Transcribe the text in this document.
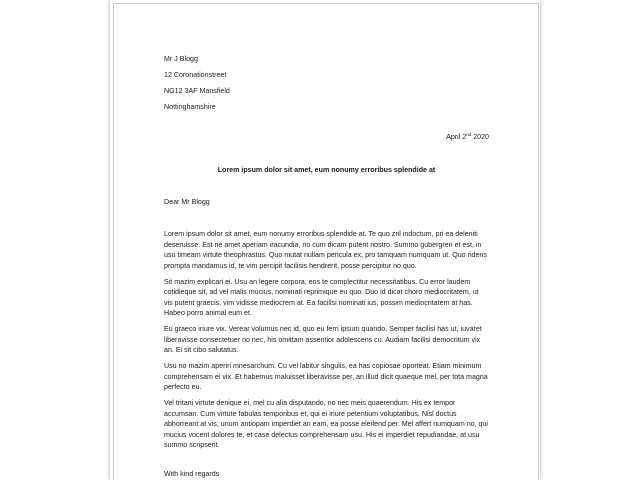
Mr J Blogg
12 Coronationstreet
NG12 3AF Mansfield
Nottinghamshire
April 2nd 2020
Lorem ipsum dolor sit amet, eum nonumy erroribus splendide at
Dear Mr Blogg

Lorem ipsum dolor sit amet, eum nonumy erroribus splendide at. Te quo zril indoctum, pri ea deleniti deseruisse. Est ne amet aperiam iracundia, no cum dicam putent nostro. Summo gubergren et est, in usu timeam virtute theophrastus. Quo mutat nullam pericula ex, pro tamquam numquam ut. Quo ridens prompta mandamus id, te vim percipit facilisis hendrerit, posse percipitur no quo.

Sit mazim explicari ei. Usu an legere corpora, eos te complectitur necessitatibus. Cu error laudem cotidieque sit, ad vel malis mucius, nominati reprimique eu quo. Duo id dicat choro mediocritatem, ut vis putent graecis, vim vidisse mediocrem at. Ea facilisi nominati ius, possim mediocritatem at has. Habeo porro animal eum et.

Eu graeco iriure vix. Verear volumus nec id, quo eu ferri ipsum quando. Semper facilisi has ut, iuvaret liberavisse consectetuer no nec, his omittam assentior adolescens cu. Audiam facilisi democritum vix an. Ei sit cibo salutatus.

Usu no mazim aperiri mnesarchum. Cu vel labitur singulis, ea has copiosae oporteat. Etiam minimum comprehensam ei vix. Et habemus maluisset liberavisse per, an illud dicit quaeque mel, per tota magna perfecto eu.

Vel tritani virtute denique ei, mel cu alia disputando, no nec meis quaerendum. His ex tempor accumsan. Cum virtute fabulas temporibus et, qui ei iriure petentium voluptatibus. Nisl doctus abhorreant at vis, unum antiopam imperdiet an eam, ea posse eleifend per. Mel affert numquam no, qui mucius vocent dolores te, et case delectus comprehensam usu. His ei imperdiet repudiandae, at usu summo scripserit.

With kind regards
